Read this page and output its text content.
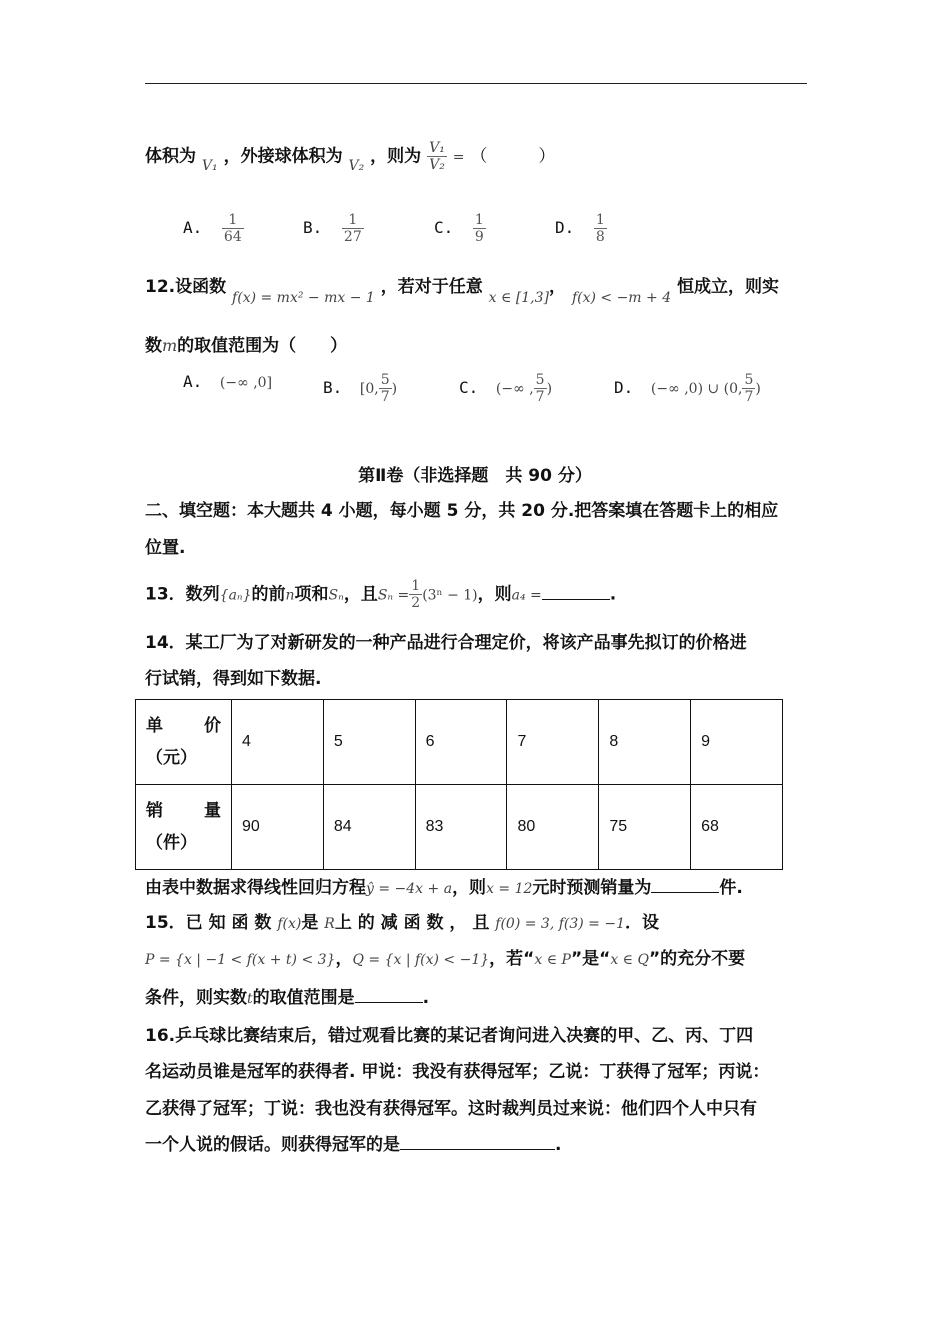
体积为 $_{V_1}$ ，外接球体积为 $_{V_2}$ ，则为 $\frac{\text{V₁}}{\text{V₂}}$ = （　　　）
A. $\frac{1}{64}$	B. $\frac{1}{27}$	C. $\frac{1}{9}$	D. $\frac{1}{8}$
12.设函数 $_{f(x) = mx^2 - mx - 1}$ ，若对于任意 $_{x \in [1,3]}$， $_{f(x) < -m + 4}$ 恒成立，则实
数m的取值范围为（　　）
A. (−∞ ,0]	B. [0, $\frac{5}{7}$ )	C. (−∞ , $\frac{5}{7}$ )	D. (−∞ ,0) ∪ (0, $\frac{5}{7}$ )
第Ⅱ卷（非选择题　共 90 分）
二、填空题：本大题共 4 小题，每小题 5 分，共 20 分.把答案填在答题卡上的相应
位置.
13．数列{aₙ}的前n项和Sₙ，且$S_n = \frac{1}{2} (3^n - 1)$，则a₄ =	.
14．某工厂为了对新研发的一种产品进行合理定价，将该产品事先拟订的价格进
行试销，得到如下数据.
单 价
（元）	4	5	6	7	8	9

销 量
（件）	90	84	83	80	75	68
由表中数据求得线性回归方程ŷ = −4x + a，则x = 12元时预测销量为	件.
15．已 知 函 数 f(x)是 R上 的 减 函 数 ， 且 f(0) = 3, f(3) = −1．设
P = {x | −1 < f(x + t) < 3}，Q = {x | f(x) < −1}，若“x ∈ P”是“x ∈ Q”的充分不要
条件，则实数t的取值范围是	.
16.乒乓球比赛结束后，错过观看比赛的某记者询问进入决赛的甲、乙、丙、丁四
名运动员谁是冠军的获得者. 甲说：我没有获得冠军；乙说：丁获得了冠军；丙说：
乙获得了冠军；丁说：我也没有获得冠军。这时裁判员过来说：他们四个人中只有
一个人说的假话。则获得冠军的是	.
